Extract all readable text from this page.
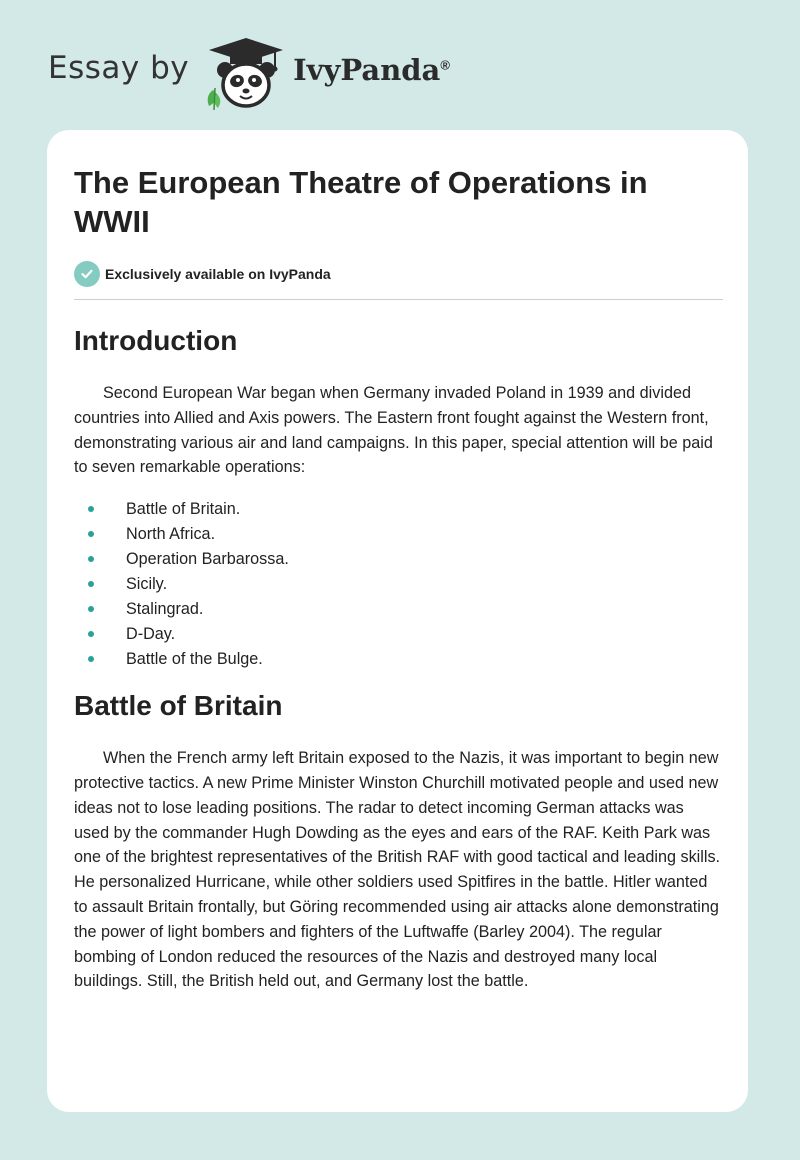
Essay by	IvyPanda®
The European Theatre of Operations in WWII
Exclusively available on IvyPanda
Introduction

Second European War began when Germany invaded Poland in 1939 and divided countries into Allied and Axis powers. The Eastern front fought against the Western front, demonstrating various air and land campaigns. In this paper, special attention will be paid to seven remarkable operations:

Battle of Britain.
North Africa.
Operation Barbarossa.
Sicily.
Stalingrad.
D-Day.
Battle of the Bulge.
Battle of Britain

When the French army left Britain exposed to the Nazis, it was important to begin new protective tactics. A new Prime Minister Winston Churchill motivated people and used new ideas not to lose leading positions. The radar to detect incoming German attacks was used by the commander Hugh Dowding as the eyes and ears of the RAF. Keith Park was one of the brightest representatives of the British RAF with good tactical and leading skills. He personalized Hurricane, while other soldiers used Spitfires in the battle. Hitler wanted to assault Britain frontally, but Göring recommended using air attacks alone demonstrating the power of light bombers and fighters of the Luftwaffe (Barley 2004). The regular bombing of London reduced the resources of the Nazis and destroyed many local buildings. Still, the British held out, and Germany lost the battle.
